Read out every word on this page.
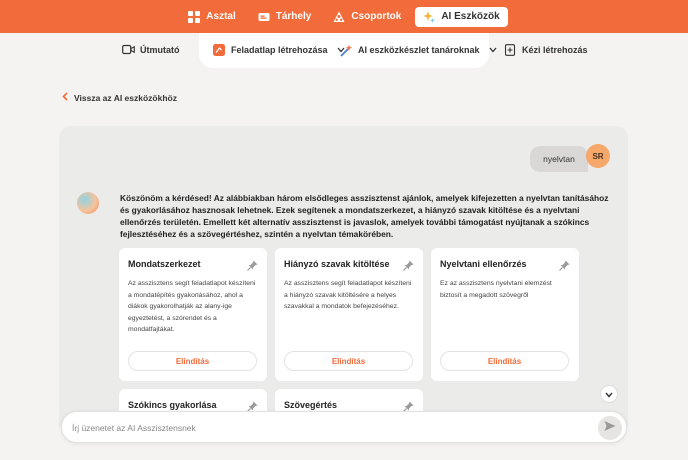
Asztal	Tárhely	Csoportok	AI Eszközök
Útmutató	Feladatlap létrehozása	AI eszközkészlet tanároknak	Kézi létrehozás
Vissza az AI eszközökhöz
nyelvtan SR
Köszönöm a kérdésed! Az alábbiakban három elsődleges asszisztenst ajánlok, amelyek kifejezetten a nyelvtan tanításához és gyakorlásához hasznosak lehetnek. Ezek segítenek a mondatszerkezet, a hiányzó szavak kitöltése és a nyelvtani ellenőrzés területén. Emellett két alternatív asszisztenst is javaslok, amelyek további támogatást nyújtanak a szókincs fejlesztéséhez és a szövegértéshez, szintén a nyelvtan témakörében.
Mondatszerkezet
Az asszisztens segít feladatlapot készíteni a mondatépítés gyakorlásához, ahol a diákok gyakorolhatják az alany-ige egyeztetést, a szórendet és a mondatfajtákat.
Elindítás
Hiányzó szavak kitöltése
Az asszisztens segít feladatlapot készíteni a hiányzó szavak kitöltésére a helyes szavakkal a mondatok befejezéséhez.
Elindítás
Nyelvtani ellenőrzés
Ez az asszisztens nyelvtani elemzést biztosít a megadott szövegről
Elindítás
Szókincs gyakorlása	Szövegértés
Írj üzenetet az AI Asszisztensnek
